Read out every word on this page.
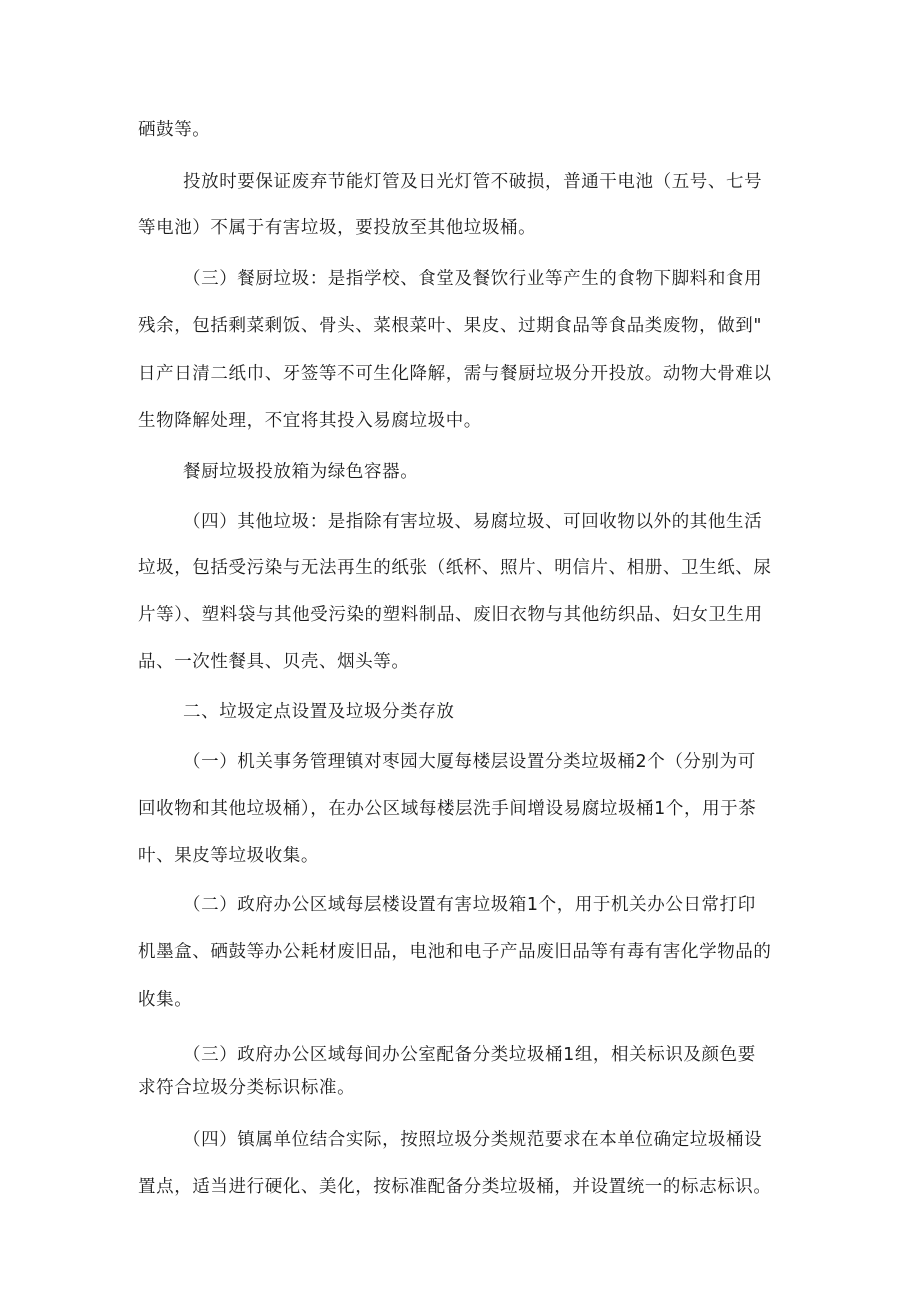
硒鼓等。

投放时要保证废弃节能灯管及日光灯管不破损，普通干电池（五号、七号

等电池）不属于有害垃圾，要投放至其他垃圾桶。

（三）餐厨垃圾：是指学校、食堂及餐饮行业等产生的食物下脚料和食用

残余，包括剩菜剩饭、骨头、菜根菜叶、果皮、过期食品等食品类废物，做到"

日产日清二纸巾、牙签等不可生化降解，需与餐厨垃圾分开投放。动物大骨难以

生物降解处理，不宜将其投入易腐垃圾中。

餐厨垃圾投放箱为绿色容器。

（四）其他垃圾：是指除有害垃圾、易腐垃圾、可回收物以外的其他生活

垃圾，包括受污染与无法再生的纸张（纸杯、照片、明信片、相册、卫生纸、尿

片等）、塑料袋与其他受污染的塑料制品、废旧衣物与其他纺织品、妇女卫生用

品、一次性餐具、贝壳、烟头等。

二、垃圾定点设置及垃圾分类存放

（一）机关事务管理镇对枣园大厦每楼层设置分类垃圾桶2个（分别为可

回收物和其他垃圾桶），在办公区域每楼层洗手间增设易腐垃圾桶1个，用于茶

叶、果皮等垃圾收集。

（二）政府办公区域每层楼设置有害垃圾箱1个，用于机关办公日常打印

机墨盒、硒鼓等办公耗材废旧品，电池和电子产品废旧品等有毒有害化学物品的

收集。

（三）政府办公区域每间办公室配备分类垃圾桶1组，相关标识及颜色要

求符合垃圾分类标识标准。

（四）镇属单位结合实际，按照垃圾分类规范要求在本单位确定垃圾桶设

置点，适当进行硬化、美化，按标准配备分类垃圾桶，并设置统一的标志标识。
